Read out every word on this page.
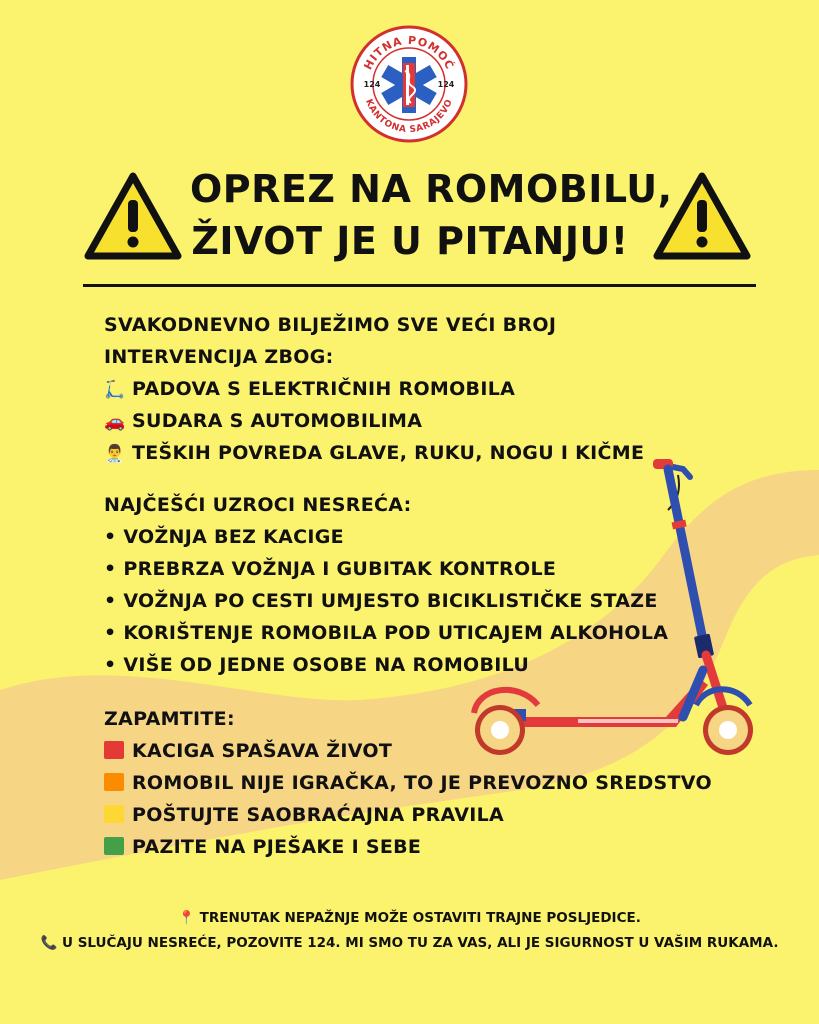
HITNA POMOĆ
KANTONA SARAJEVO
124	124
OPREZ NA ROMOBILU,
ŽIVOT JE U PITANJU!
SVAKODNEVNO BILJEŽIMO SVE VEĆI BROJ
INTERVENCIJA ZBOG:
🛴 PADOVA S ELEKTRIČNIH ROMOBILA
🚗 SUDARA S AUTOMOBILIMA
👨‍⚕️ TEŠKIH POVREDA GLAVE, RUKU, NOGU I KIČME
NAJČEŠĆI UZROCI NESREĆA:
• VOŽNJA BEZ KACIGE
• PREBRZA VOŽNJA I GUBITAK KONTROLE
• VOŽNJA PO CESTI UMJESTO BICIKLISTIČKE STAZE
• KORIŠTENJE ROMOBILA POD UTICAJEM ALKOHOLA
• VIŠE OD JEDNE OSOBE NA ROMOBILU
ZAPAMTITE:
KACIGA SPAŠAVA ŽIVOT
ROMOBIL NIJE IGRAČKA, TO JE PREVOZNO SREDSTVO
POŠTUJTE SAOBRAĆAJNA PRAVILA
PAZITE NA PJEŠAKE I SEBE
📍 TRENUTAK NEPAŽNJE MOŽE OSTAVITI TRAJNE POSLJEDICE.
📞 U SLUČAJU NESREĆE, POZOVITE 124. MI SMO TU ZA VAS, ALI JE SIGURNOST U VAŠIM RUKAMA.
